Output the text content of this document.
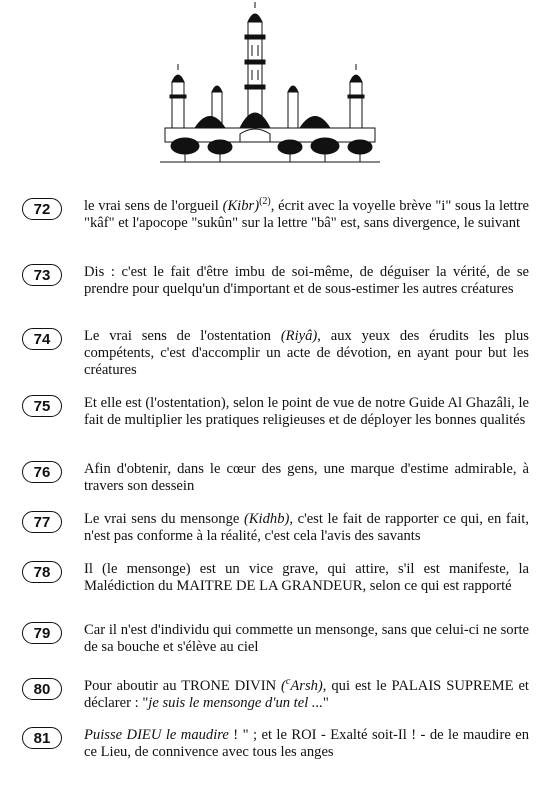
72	le vrai sens de l'orgueil (Kibr)$^{(2)}$, écrit avec la voyelle brève "i" sous la lettre "kâf" et l'apocope "sukûn" sur la lettre "bâ" est, sans divergence, le suivant
73	Dis : c'est le fait d'être imbu de soi-même, de déguiser la vérité, de se prendre pour quelqu'un d'important et de sous-estimer les autres créatures
74	Le vrai sens de l'ostentation (Riyâ), aux yeux des érudits les plus compétents, c'est d'accomplir un acte de dévotion, en ayant pour but les créatures
75	Et elle est (l'ostentation), selon le point de vue de notre Guide Al Ghazâli, le fait de multiplier les pratiques religieuses et de déployer les bonnes qualités
76	Afin d'obtenir, dans le cœur des gens, une marque d'estime admirable, à travers son dessein
77	Le vrai sens du mensonge (Kidhb), c'est le fait de rapporter ce qui, en fait, n'est pas conforme à la réalité, c'est cela l'avis des savants
78	Il (le mensonge) est un vice grave, qui attire, s'il est manifeste, la Malédiction du MAITRE DE LA GRANDEUR, selon ce qui est rapporté
79	Car il n'est d'individu qui commette un mensonge, sans que celui-ci ne sorte de sa bouche et s'élève au ciel
80	Pour aboutir au TRONE DIVIN ($^c$Arsh), qui est le PALAIS SUPREME et déclarer : "je suis le mensonge d'un tel ..."
81	Puisse DIEU le maudire ! " ; et le ROI - Exalté soit-Il ! - de le maudire en ce Lieu, de connivence avec tous les anges
